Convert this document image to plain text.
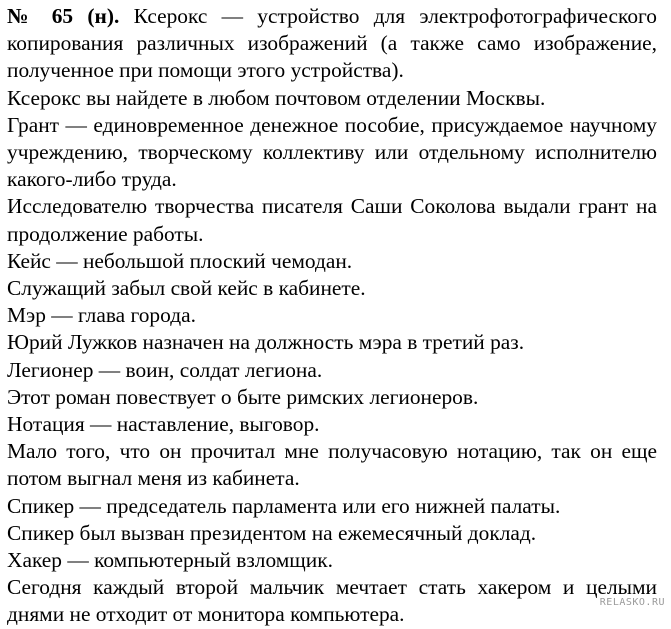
№ 65 (н). Ксерокс — устройство для электрофотографического копирования различных изображений (а также само изображение, полученное при помощи этого устройства).

Ксерокс вы найдете в любом почтовом отделении Москвы.

Грант — единовременное денежное пособие, присуждаемое научному учреждению, творческому коллективу или отдельному исполнителю какого-либо труда.

Исследователю творчества писателя Саши Соколова выдали грант на продолжение работы.

Кейс — небольшой плоский чемодан.

Служащий забыл свой кейс в кабинете.

Мэр — глава города.

Юрий Лужков назначен на должность мэра в третий раз.

Легионер — воин, солдат легиона.

Этот роман повествует о быте римских легионеров.

Нотация — наставление, выговор.

Мало того, что он прочитал мне получасовую нотацию, так он еще потом выгнал меня из кабинета.

Спикер — председатель парламента или его нижней палаты.

Спикер был вызван президентом на ежемесячный доклад.

Хакер — компьютерный взломщик.

Сегодня каждый второй мальчик мечтает стать хакером и целыми днями не отходит от монитора компьютера.	RELASKO.RU
